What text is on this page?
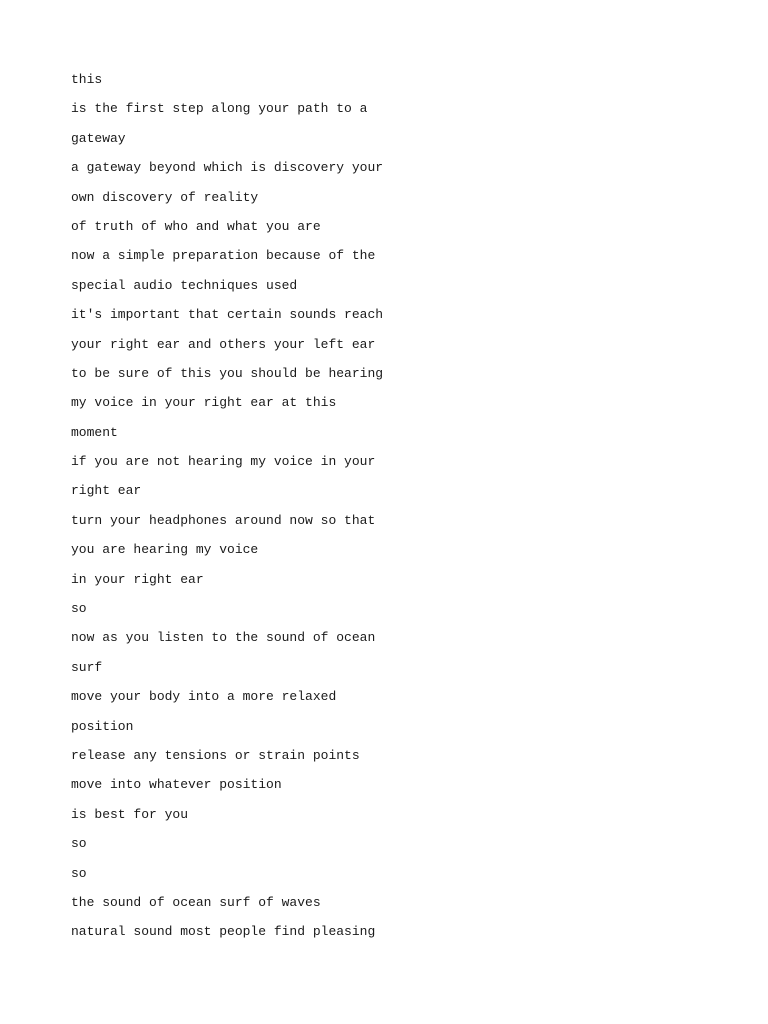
this
is the first step along your path to a
gateway
a gateway beyond which is discovery your
own discovery of reality
of truth of who and what you are
now a simple preparation because of the
special audio techniques used
it's important that certain sounds reach
your right ear and others your left ear
to be sure of this you should be hearing
my voice in your right ear at this
moment
if you are not hearing my voice in your
right ear
turn your headphones around now so that
you are hearing my voice
in your right ear
so
now as you listen to the sound of ocean
surf
move your body into a more relaxed
position
release any tensions or strain points
move into whatever position
is best for you
so
so
the sound of ocean surf of waves
natural sound most people find pleasing
